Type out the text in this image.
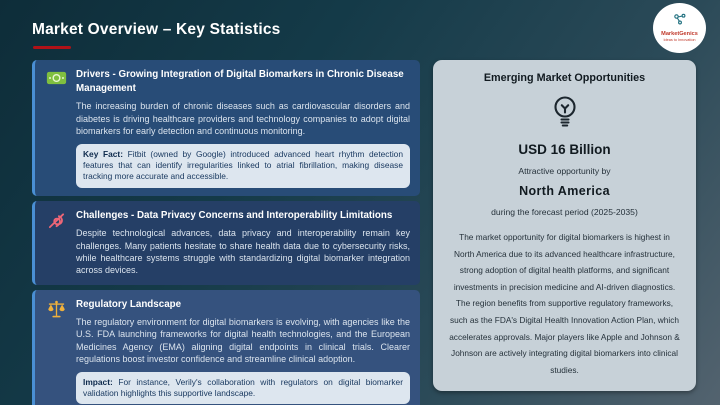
Market Overview – Key Statistics	MarketGenics
Ideas to Innovation
Drivers - Growing Integration of Digital Biomarkers in Chronic Disease Management

The increasing burden of chronic diseases such as cardiovascular disorders and diabetes is driving healthcare providers and technology companies to adopt digital biomarkers for early detection and continuous monitoring.

Key Fact: Fitbit (owned by Google) introduced advanced heart rhythm detection features that can identify irregularities linked to atrial fibrillation, making disease tracking more accurate and accessible.
Challenges - Data Privacy Concerns and Interoperability Limitations

Despite technological advances, data privacy and interoperability remain key challenges. Many patients hesitate to share health data due to cybersecurity risks, while healthcare systems struggle with standardizing digital biomarker integration across devices.

Regulatory Landscape

The regulatory environment for digital biomarkers is evolving, with agencies like the U.S. FDA launching frameworks for digital health technologies, and the European Medicines Agency (EMA) aligning digital endpoints in clinical trials. Clearer regulations boost investor confidence and streamline clinical adoption.

Impact: For instance, Verily's collaboration with regulators on digital biomarker validation highlights this supportive landscape.
Emerging Market Opportunities
USD 16 Billion
Attractive opportunity by
North America
during the forecast period (2025-2035)

The market opportunity for digital biomarkers is highest in North America due to its advanced healthcare infrastructure, strong adoption of digital health platforms, and significant investments in precision medicine and AI-driven diagnostics. The region benefits from supportive regulatory frameworks, such as the FDA's Digital Health Innovation Action Plan, which accelerates approvals. Major players like Apple and Johnson & Johnson are actively integrating digital biomarkers into clinical studies.
